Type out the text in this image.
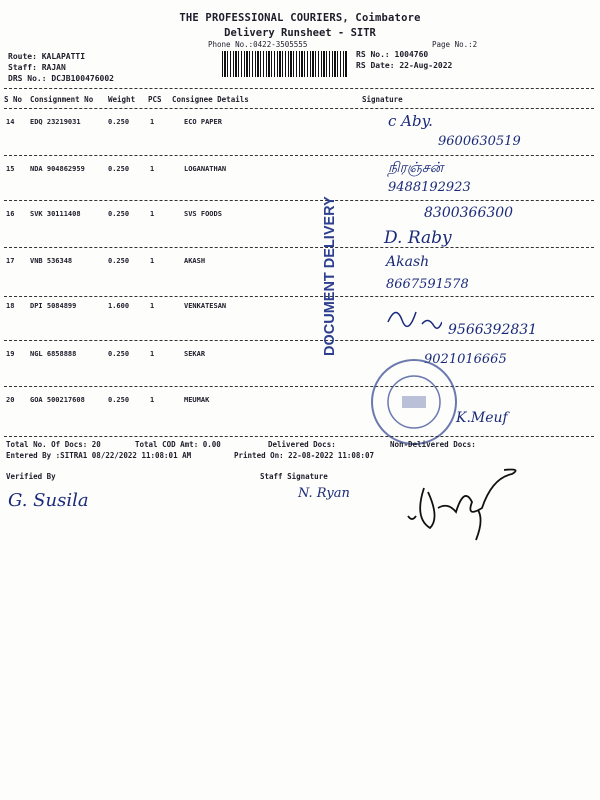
THE PROFESSIONAL COURIERS, Coimbatore
Delivery Runsheet - SITR
Phone No.:0422-3505555	Page No.:2
Route: KALAPATTI
Staff: RAJAN
DRS No.: DCJB100476002
RS No.: 1004760
RS Date: 22-Aug-2022
S No Consignment No Weight PCS Consignee Details	Signature
14 EDQ 23219031	0.250	1	ECO PAPER	c Aby.
9600630519
15 NDA 904862959	0.250	1	LOGANATHAN	நிரஞ்சன்
9488192923
16 SVK 30111408	0.250	1	SVS FOODS	8300366300
D. Raby
17 VNB 536348	0.250	1	AKASH	Akash
8667591578
18 DPI 5084899	1.600	1	VENKATESAN
9566392831
19 NGL 6858888	0.250	1	SEKAR	9021016665
20 GOA 500217608	0.250	1	MEUMAK
K.Meuf
DOCUMENT DELIVERY
Total No. Of Docs: 20	Total COD Amt: 0.00	Delivered Docs:	Non-Delivered Docs:
Entered By :SITRA1 08/22/2022 11:08:01 AM	Printed On: 22-08-2022 11:08:07
Verified By
G. Susila
Staff Signature
N. Ryan
